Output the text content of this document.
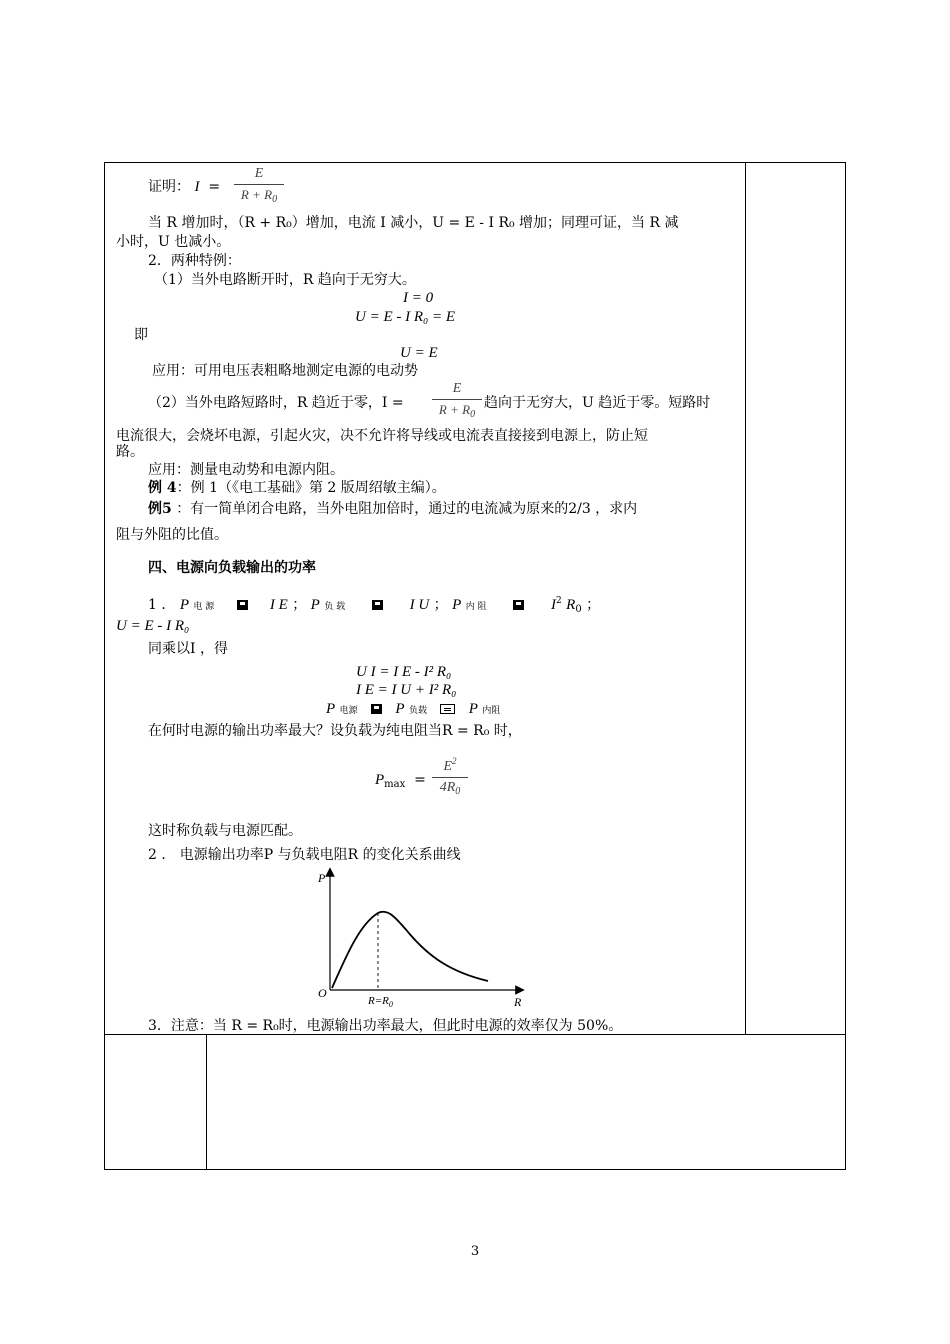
证明： I =
E
$R + R_0$
当 R 增加时，（R + R₀）增加，电流 I 减小，U = E - I R₀ 增加；同理可证，当 R 减
小时，U 也减小。
2．两种特例：
（1）当外电路断开时，R 趋向于无穷大。
I = 0
U = E - I R₀ = E
即
U = E
应用：可用电压表粗略地测定电源的电动势
（2）当外电路短路时，R 趋近于零，I =
E
$R + R_0$
趋向于无穷大，U 趋近于零。短路时
电流很大，会烧坏电源，引起火灾，决不允许将导线或电流表直接接到电源上，防止短
路。
应用：测量电动势和电源内阻。
例 4：例 1（《电工基础》第 2 版周绍敏主编）。
例5 ：有一简单闭合电路，当外电阻加倍时，通过的电流减为原来的2/3 ，求内
阻与外阻的比值。
四、电源向负载输出的功率
1 ． P 电 源	I E ； P 负 载	I U ； P 内 阻	$I^2$ $R_0$ ；
U = E - I R₀
同乘以I ，得
U I = I E - I² R₀
I E = I U + I² R₀
P 电源	P 负载	P 内阻
在何时电源的输出功率最大？设负载为纯电阻当R = R₀ 时，
$P_{max}$ =
$E^2$
$4R_0$
这时称负载与电源匹配。
2 ． 电源输出功率P 与负载电阻R 的变化关系曲线
P
R
O
$R=R_0$
3．注意：当 R = R₀时，电源输出功率最大，但此时电源的效率仅为 50%。
3
